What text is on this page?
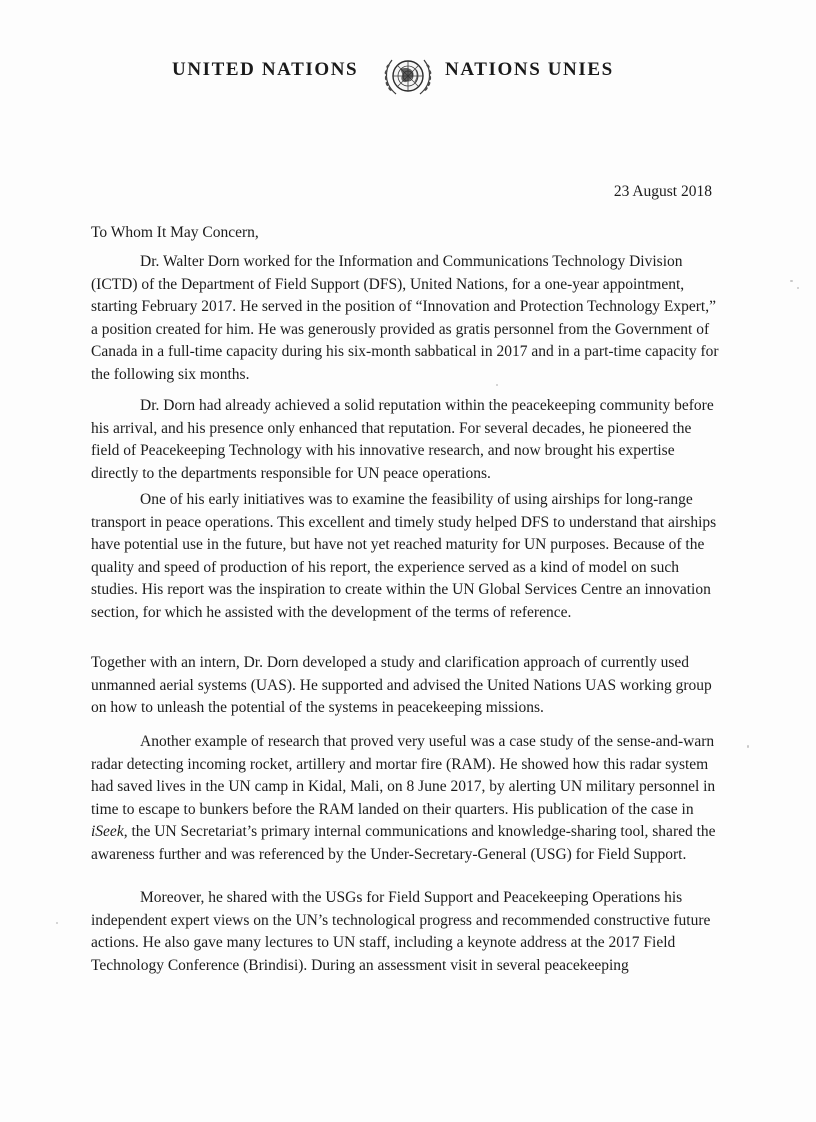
UNITED NATIONS	NATIONS UNIES
23 August 2018
To Whom It May Concern,

Dr. Walter Dorn worked for the Information and Communications Technology Division (ICTD) of the Department of Field Support (DFS), United Nations, for a one-year appointment, starting February 2017. He served in the position of “Innovation and Protection Technology Expert,” a position created for him. He was generously provided as gratis personnel from the Government of Canada in a full-time capacity during his six-month sabbatical in 2017 and in a part-time capacity for the following six months.

Dr. Dorn had already achieved a solid reputation within the peacekeeping community before his arrival, and his presence only enhanced that reputation. For several decades, he pioneered the field of Peacekeeping Technology with his innovative research, and now brought his expertise directly to the departments responsible for UN peace operations.

One of his early initiatives was to examine the feasibility of using airships for long-range transport in peace operations. This excellent and timely study helped DFS to understand that airships have potential use in the future, but have not yet reached maturity for UN purposes. Because of the quality and speed of production of his report, the experience served as a kind of model on such studies. His report was the inspiration to create within the UN Global Services Centre an innovation section, for which he assisted with the development of the terms of reference.

Together with an intern, Dr. Dorn developed a study and clarification approach of currently used unmanned aerial systems (UAS). He supported and advised the United Nations UAS working group on how to unleash the potential of the systems in peacekeeping missions.

Another example of research that proved very useful was a case study of the sense-and-warn radar detecting incoming rocket, artillery and mortar fire (RAM). He showed how this radar system had saved lives in the UN camp in Kidal, Mali, on 8 June 2017, by alerting UN military personnel in time to escape to bunkers before the RAM landed on their quarters. His publication of the case in iSeek, the UN Secretariat’s primary internal communications and knowledge-sharing tool, shared the awareness further and was referenced by the Under-Secretary-General (USG) for Field Support.

Moreover, he shared with the USGs for Field Support and Peacekeeping Operations his independent expert views on the UN’s technological progress and recommended constructive future actions. He also gave many lectures to UN staff, including a keynote address at the 2017 Field Technology Conference (Brindisi). During an assessment visit in several peacekeeping
